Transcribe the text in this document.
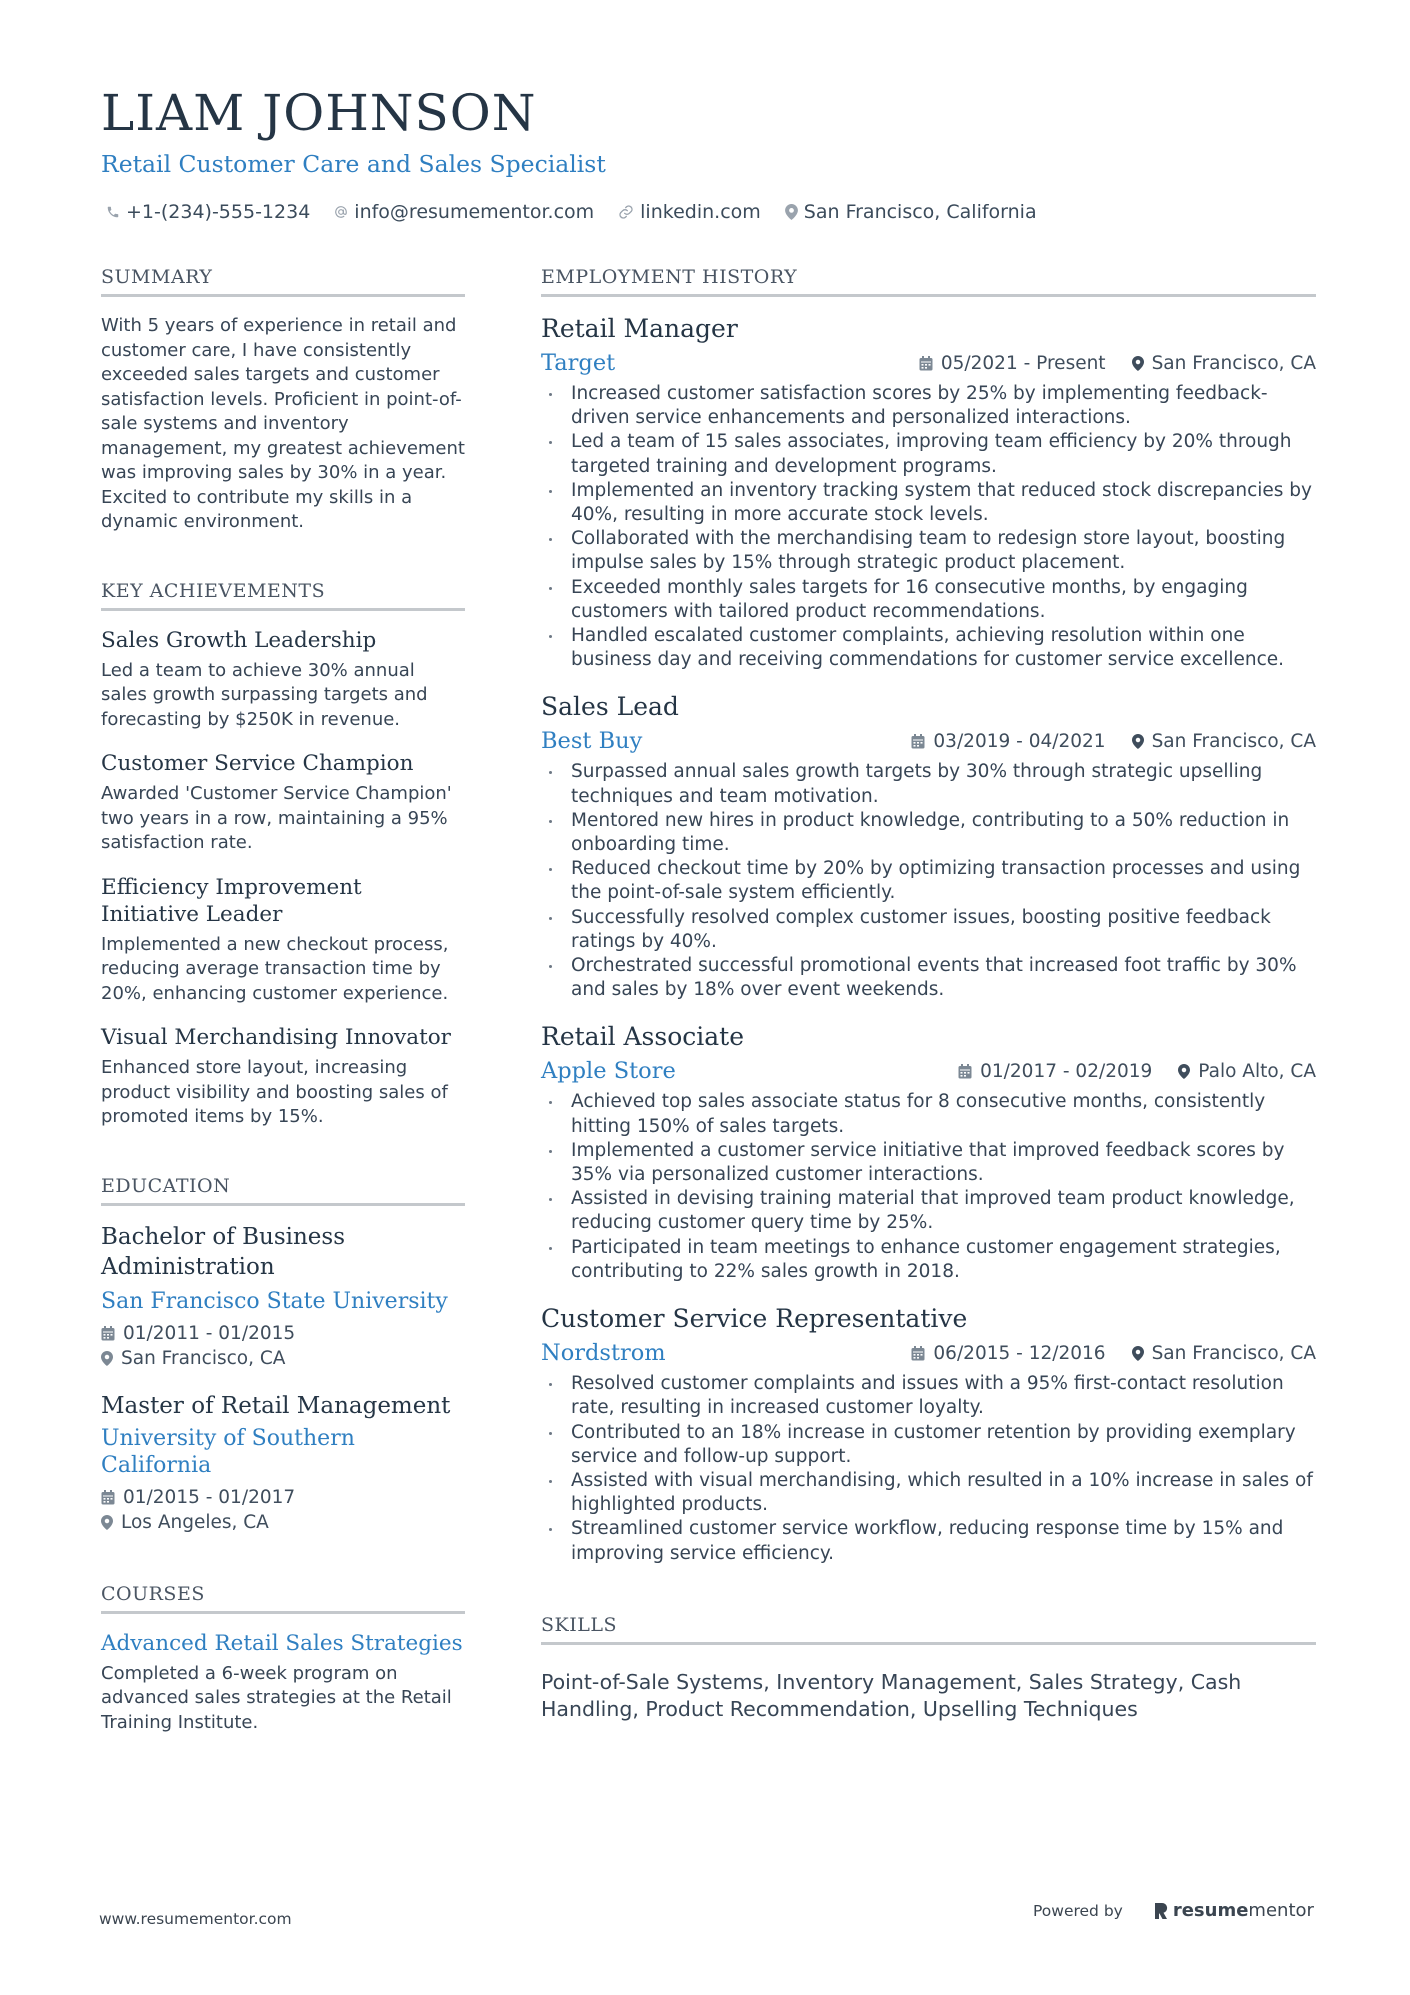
LIAM JOHNSON
Retail Customer Care and Sales Specialist
+1-(234)-555-1234 info@resumementor.com linkedin.com San Francisco, California
SUMMARY
With 5 years of experience in retail and customer care, I have consistently exceeded sales targets and customer satisfaction levels. Proficient in point-of-sale systems and inventory management, my greatest achievement was improving sales by 30% in a year. Excited to contribute my skills in a dynamic environment.
KEY ACHIEVEMENTS
Sales Growth Leadership
Led a team to achieve 30% annual sales growth surpassing targets and forecasting by $250K in revenue.
Customer Service Champion
Awarded 'Customer Service Champion' two years in a row, maintaining a 95% satisfaction rate.
Efficiency Improvement Initiative Leader
Implemented a new checkout process, reducing average transaction time by 20%, enhancing customer experience.
Visual Merchandising Innovator
Enhanced store layout, increasing product visibility and boosting sales of promoted items by 15%.
EDUCATION
Bachelor of Business Administration
San Francisco State University
01/2011 - 01/2015
San Francisco, CA
Master of Retail Management
University of Southern California
01/2015 - 01/2017
Los Angeles, CA
COURSES
Advanced Retail Sales Strategies
Completed a 6-week program on advanced sales strategies at the Retail Training Institute.
EMPLOYMENT HISTORY
Retail Manager
Target	05/2021 - Present San Francisco, CA
Increased customer satisfaction scores by 25% by implementing feedback-driven service enhancements and personalized interactions.
Led a team of 15 sales associates, improving team efficiency by 20% through targeted training and development programs.
Implemented an inventory tracking system that reduced stock discrepancies by 40%, resulting in more accurate stock levels.
Collaborated with the merchandising team to redesign store layout, boosting impulse sales by 15% through strategic product placement.
Exceeded monthly sales targets for 16 consecutive months, by engaging customers with tailored product recommendations.
Handled escalated customer complaints, achieving resolution within one business day and receiving commendations for customer service excellence.
Sales Lead
Best Buy	03/2019 - 04/2021 San Francisco, CA
Surpassed annual sales growth targets by 30% through strategic upselling techniques and team motivation.
Mentored new hires in product knowledge, contributing to a 50% reduction in onboarding time.
Reduced checkout time by 20% by optimizing transaction processes and using the point-of-sale system efficiently.
Successfully resolved complex customer issues, boosting positive feedback ratings by 40%.
Orchestrated successful promotional events that increased foot traffic by 30% and sales by 18% over event weekends.
Retail Associate
Apple Store	01/2017 - 02/2019 Palo Alto, CA
Achieved top sales associate status for 8 consecutive months, consistently hitting 150% of sales targets.
Implemented a customer service initiative that improved feedback scores by 35% via personalized customer interactions.
Assisted in devising training material that improved team product knowledge, reducing customer query time by 25%.
Participated in team meetings to enhance customer engagement strategies, contributing to 22% sales growth in 2018.
Customer Service Representative
Nordstrom	06/2015 - 12/2016 San Francisco, CA
Resolved customer complaints and issues with a 95% first-contact resolution rate, resulting in increased customer loyalty.
Contributed to an 18% increase in customer retention by providing exemplary service and follow-up support.
Assisted with visual merchandising, which resulted in a 10% increase in sales of highlighted products.
Streamlined customer service workflow, reducing response time by 15% and improving service efficiency.
SKILLS
Point-of-Sale Systems, Inventory Management, Sales Strategy, Cash Handling, Product Recommendation, Upselling Techniques
www.resumementor.com	Powered by	resume mentor
